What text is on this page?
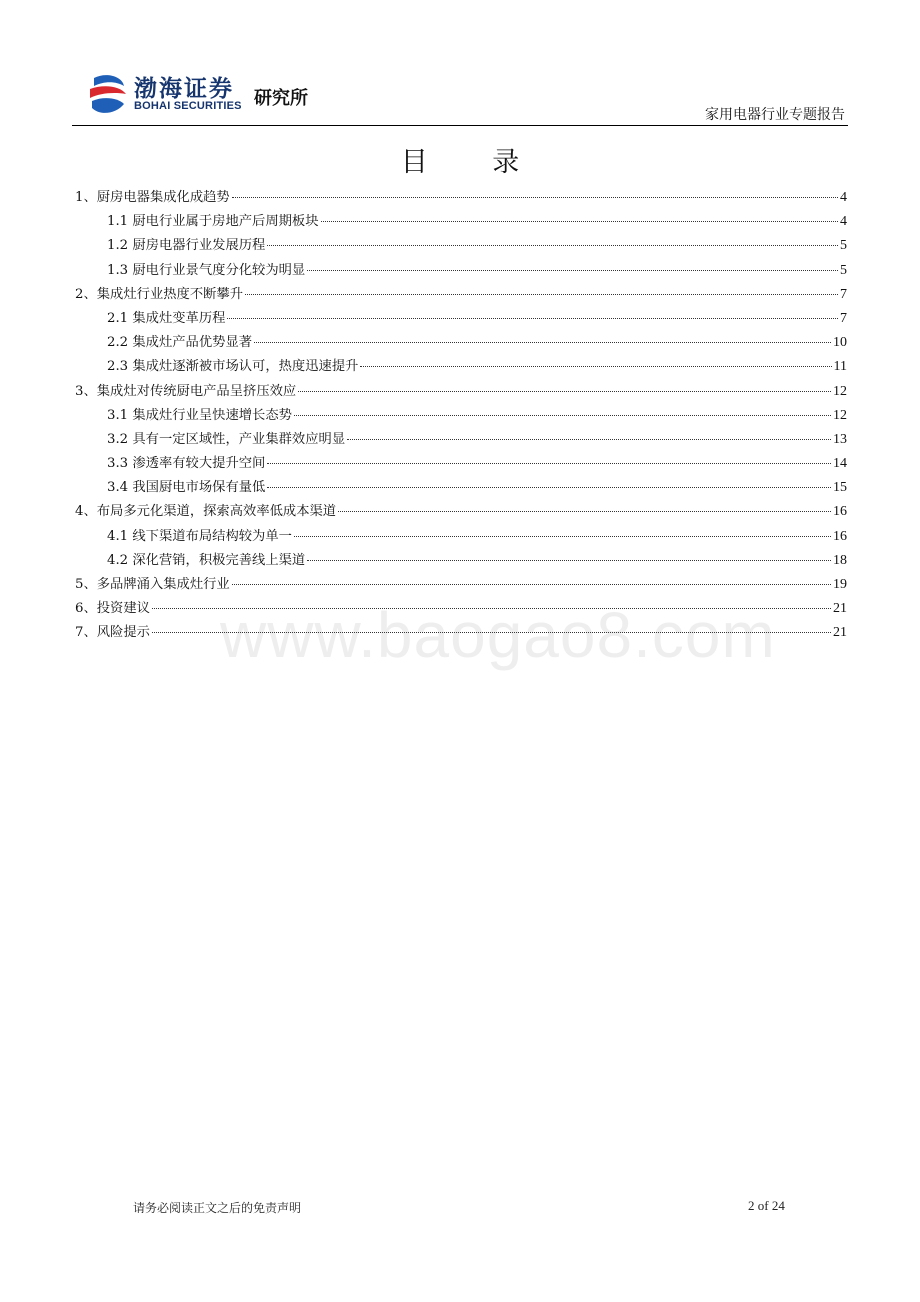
渤海证券
BOHAI SECURITIES 研究所
家用电器行业专题报告
目 录
1、厨房电器集成化成趋势	4
1.1 厨电行业属于房地产后周期板块	4
1.2 厨房电器行业发展历程	5
1.3 厨电行业景气度分化较为明显	5
2、集成灶行业热度不断攀升	7
2.1 集成灶变革历程	7
2.2 集成灶产品优势显著	10
2.3 集成灶逐渐被市场认可，热度迅速提升	11
3、集成灶对传统厨电产品呈挤压效应	12
3.1 集成灶行业呈快速增长态势	12
3.2 具有一定区域性，产业集群效应明显	13
3.3 渗透率有较大提升空间	14
3.4 我国厨电市场保有量低	15
4、布局多元化渠道，探索高效率低成本渠道	16
4.1 线下渠道布局结构较为单一	16
4.2 深化营销，积极完善线上渠道	18
5、多品牌涌入集成灶行业	19
6、投资建议	21
7、风险提示	21
www.baogao8.com
请务必阅读正文之后的免责声明	2 of 24
